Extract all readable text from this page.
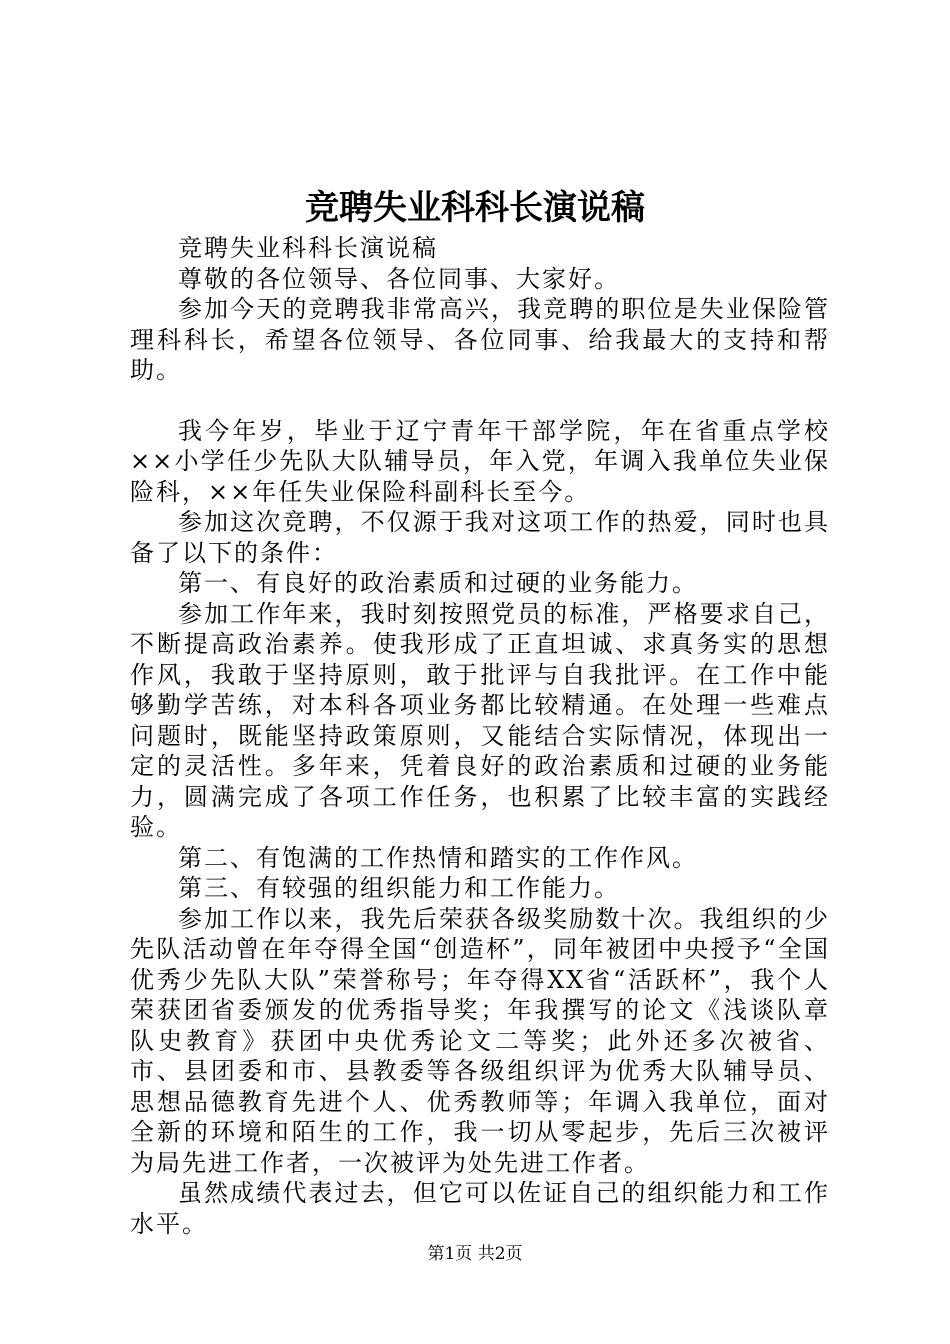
竞聘失业科科长演说稿

竞聘失业科科长演说稿

尊敬的各位领导、各位同事、大家好。

参加今天的竞聘我非常高兴，我竞聘的职位是失业保险管理科科长，希望各位领导、各位同事、给我最大的支持和帮助。

我今年岁，毕业于辽宁青年干部学院，年在省重点学校××小学任少先队大队辅导员，年入党，年调入我单位失业保险科，××年任失业保险科副科长至今。

参加这次竞聘，不仅源于我对这项工作的热爱，同时也具备了以下的条件：

第一、有良好的政治素质和过硬的业务能力。

参加工作年来，我时刻按照党员的标准，严格要求自己，不断提高政治素养。使我形成了正直坦诚、求真务实的思想作风，我敢于坚持原则，敢于批评与自我批评。在工作中能够勤学苦练，对本科各项业务都比较精通。在处理一些难点问题时，既能坚持政策原则，又能结合实际情况，体现出一定的灵活性。多年来，凭着良好的政治素质和过硬的业务能力，圆满完成了各项工作任务，也积累了比较丰富的实践经验。

第二、有饱满的工作热情和踏实的工作作风。

第三、有较强的组织能力和工作能力。

参加工作以来，我先后荣获各级奖励数十次。我组织的少先队活动曾在年夺得全国“创造杯”，同年被团中央授予“全国优秀少先队大队”荣誉称号；年夺得XX省“活跃杯”，我个人荣获团省委颁发的优秀指导奖；年我撰写的论文《浅谈队章队史教育》获团中央优秀论文二等奖；此外还多次被省、市、县团委和市、县教委等各级组织评为优秀大队辅导员、思想品德教育先进个人、优秀教师等；年调入我单位，面对全新的环境和陌生的工作，我一切从零起步，先后三次被评为局先进工作者，一次被评为处先进工作者。

虽然成绩代表过去，但它可以佐证自己的组织能力和工作水平。

第1页 共2页
